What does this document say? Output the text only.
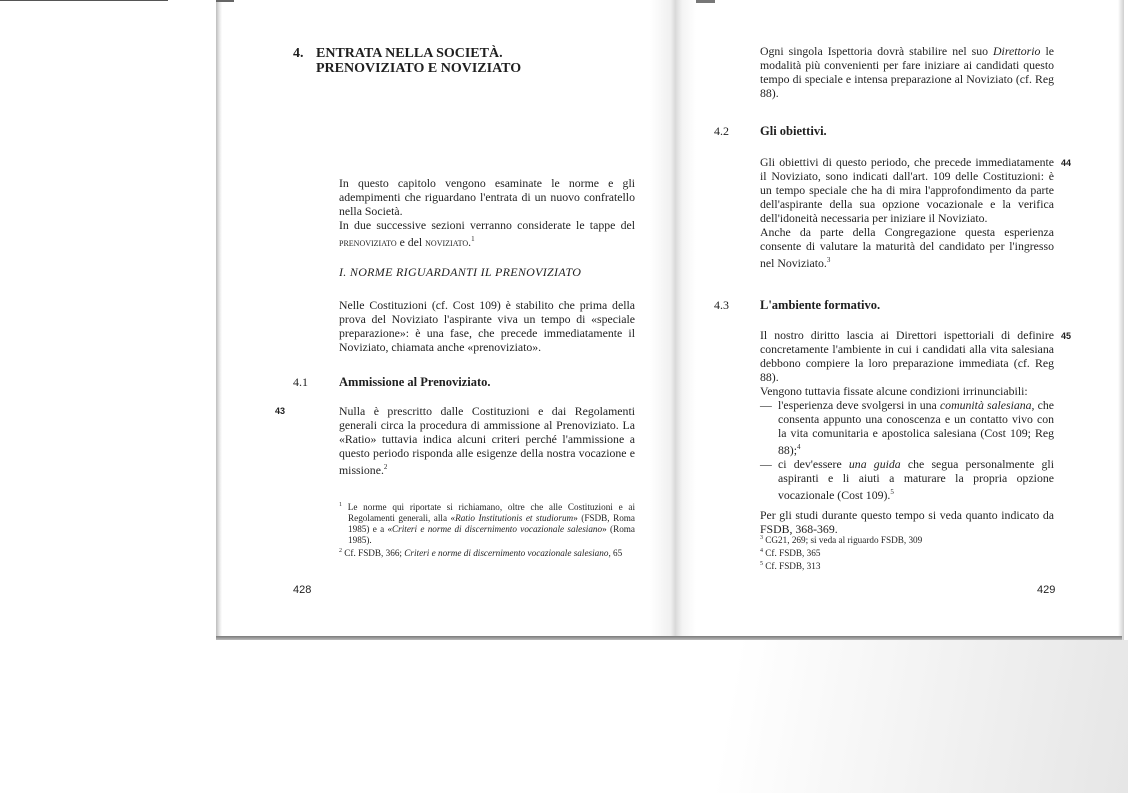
4. ENTRATA NELLA SOCIETÀ.
PRENOVIZIATO E NOVIZIATO

In questo capitolo vengono esaminate le norme e gli adempimenti che riguardano l'entrata di un nuovo confratello nella Società.

In due successive sezioni verranno considerate le tappe del prenoviziato e del noviziato.$^1$

I. NORME RIGUARDANTI IL PRENOVIZIATO
Nelle Costituzioni (cf. Cost 109) è stabilito che prima della prova del Noviziato l'aspirante viva un tempo di «speciale preparazione»: è una fase, che precede immediatamente il Noviziato, chiamata anche «prenoviziato».
4.1 Ammissione al Prenoviziato.
43	Nulla è prescritto dalle Costituzioni e dai Regolamenti generali circa la procedura di ammissione al Prenoviziato. La «Ratio» tuttavia indica alcuni criteri perché l'ammissione a questo periodo risponda alle esigenze della nostra vocazione e missione.$^2$

$^1$ Le norme qui riportate si richiamano, oltre che alle Costituzioni e ai Regolamenti generali, alla «Ratio Institutionis et studiorum» (FSDB, Roma 1985) e a «Criteri e norme di discernimento vocazionale salesiano» (Roma 1985).

$^2$ Cf. FSDB, 366; Criteri e norme di discernimento vocazionale salesiano, 65

428
Ogni singola Ispettoria dovrà stabilire nel suo Direttorio le modalità più convenienti per fare iniziare ai candidati questo tempo di speciale e intensa preparazione al Noviziato (cf. Reg 88).
4.2 Gli obiettivi.
44

Gli obiettivi di questo periodo, che precede immediatamente il Noviziato, sono indicati dall'art. 109 delle Costituzioni: è un tempo speciale che ha di mira l'approfondimento da parte dell'aspirante della sua opzione vocazionale e la verifica dell'idoneità necessaria per iniziare il Noviziato.

Anche da parte della Congregazione questa esperienza consente di valutare la maturità del candidato per l'ingresso nel Noviziato.$^3$

4.3 L'ambiente formativo.
45

Il nostro diritto lascia ai Direttori ispettoriali di definire concretamente l'ambiente in cui i candidati alla vita salesiana debbono compiere la loro preparazione immediata (cf. Reg 88).

Vengono tuttavia fissate alcune condizioni irrinunciabili:

— l'esperienza deve svolgersi in una comunità salesiana, che consenta appunto una conoscenza e un contatto vivo con la vita comunitaria e apostolica salesiana (Cost 109; Reg 88);$^4$
— ci dev'essere una guida che segua personalmente gli aspiranti e li aiuti a maturare la propria opzione vocazionale (Cost 109).$^5$

Per gli studi durante questo tempo si veda quanto indicato da FSDB, 368-369.

$^3$ CG21, 269; si veda al riguardo FSDB, 309

$^4$ Cf. FSDB, 365

$^5$ Cf. FSDB, 313

429
